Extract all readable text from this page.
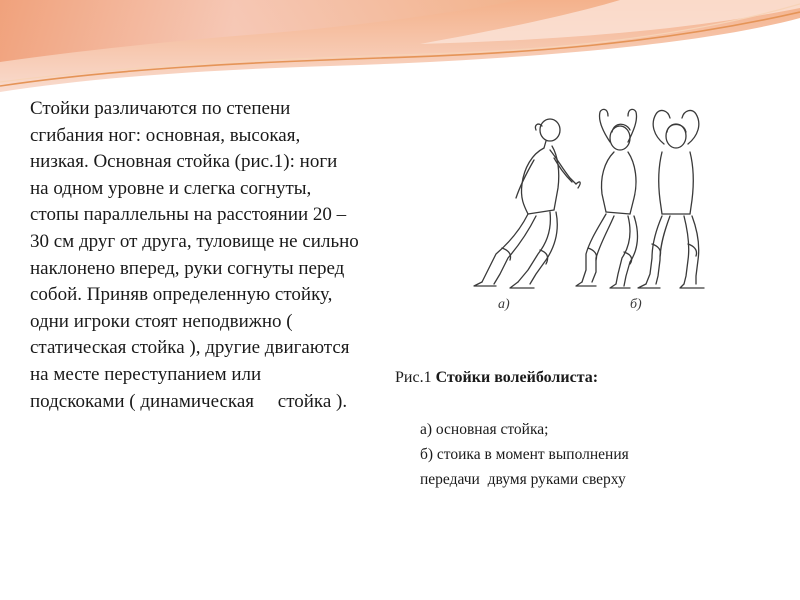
Стойки различаются по степени
сгибания ног: основная, высокая,
низкая. Основная стойка (рис.1): ноги
на одном уровне и слегка согнуты,
стопы параллельны на расстоянии 20 –
30 см друг от друга, туловище не сильно
наклонено вперед, руки согнуты перед
собой. Приняв определенную стойку,
одни игроки стоят неподвижно (
статическая стойка ), другие двигаются
на месте переступанием или
подскоками ( динамическая     стойка ).
а)	б)
Рис.1 Стойки волейболиста:
а) основная стойка;
б) стоика в момент выполнения
передачи  двумя руками сверху
